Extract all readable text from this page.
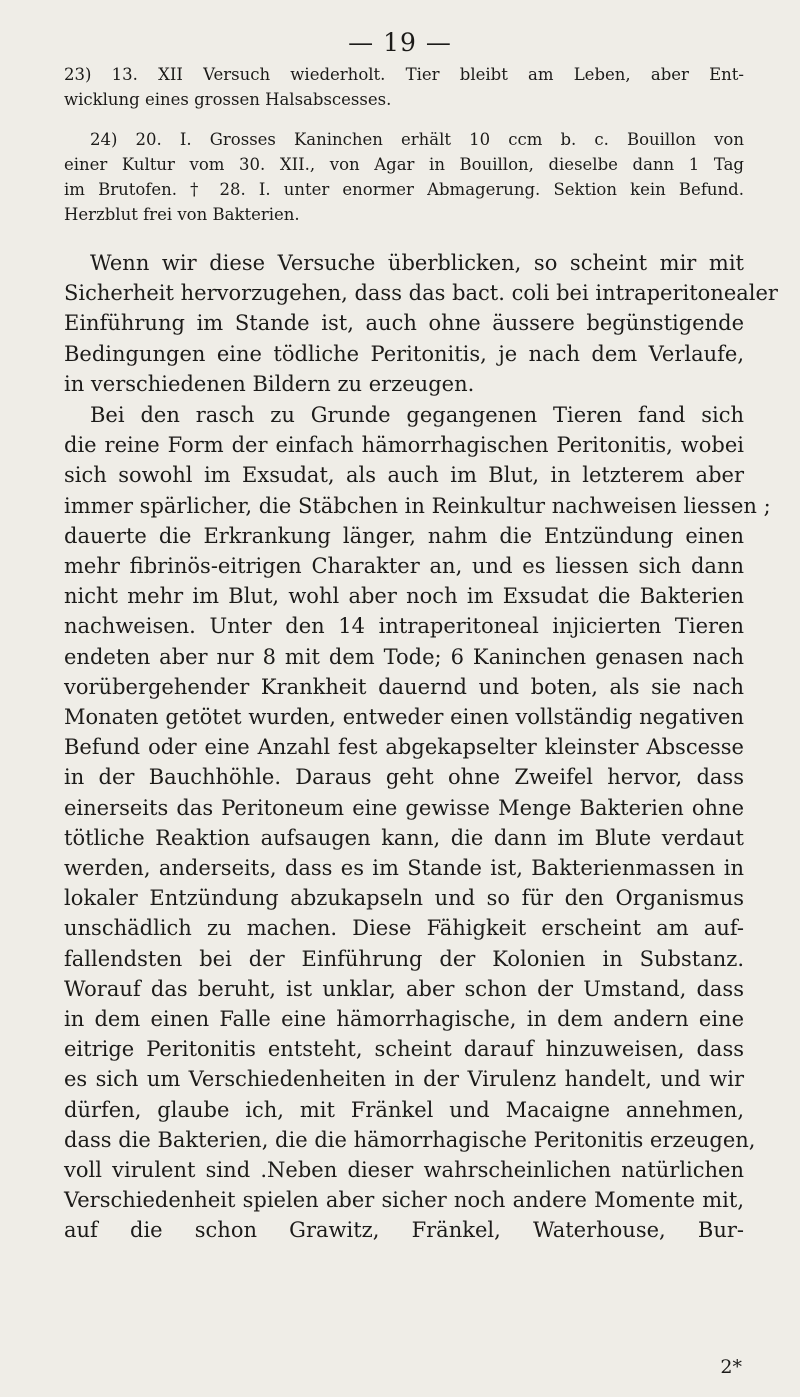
— 19 —
23) 13. XII Versuch wiederholt. Tier bleibt am Leben, aber Ent-
wicklung eines grossen Halsabscesses.
24) 20. I. Grosses Kaninchen erhält 10 ccm b. c. Bouillon von
einer Kultur vom 30. XII., von Agar in Bouillon, dieselbe dann 1 Tag
im Brutofen. † 28. I. unter enormer Abmagerung. Sektion kein Befund.
Herzblut frei von Bakterien.
Wenn wir diese Versuche überblicken, so scheint mir mit
Sicherheit hervorzugehen, dass das bact. coli bei intraperitonealer
Einführung im Stande ist, auch ohne äussere begünstigende
Bedingungen eine tödliche Peritonitis, je nach dem Verlaufe,
in verschiedenen Bildern zu erzeugen.
Bei den rasch zu Grunde gegangenen Tieren fand sich
die reine Form der einfach hämorrhagischen Peritonitis, wobei
sich sowohl im Exsudat, als auch im Blut, in letzterem aber
immer spärlicher, die Stäbchen in Reinkultur nachweisen liessen ;
dauerte die Erkrankung länger, nahm die Entzündung einen
mehr fibrinös-eitrigen Charakter an, und es liessen sich dann
nicht mehr im Blut, wohl aber noch im Exsudat die Bakterien
nachweisen. Unter den 14 intraperitoneal injicierten Tieren
endeten aber nur 8 mit dem Tode; 6 Kaninchen genasen nach
vorübergehender Krankheit dauernd und boten, als sie nach
Monaten getötet wurden, entweder einen vollständig negativen
Befund oder eine Anzahl fest abgekapselter kleinster Abscesse
in der Bauchhöhle. Daraus geht ohne Zweifel hervor, dass
einerseits das Peritoneum eine gewisse Menge Bakterien ohne
tötliche Reaktion aufsaugen kann, die dann im Blute verdaut
werden, anderseits, dass es im Stande ist, Bakterienmassen in
lokaler Entzündung abzukapseln und so für den Organismus
unschädlich zu machen. Diese Fähigkeit erscheint am auf-
fallendsten bei der Einführung der Kolonien in Substanz.
Worauf das beruht, ist unklar, aber schon der Umstand, dass
in dem einen Falle eine hämorrhagische, in dem andern eine
eitrige Peritonitis entsteht, scheint darauf hinzuweisen, dass
es sich um Verschiedenheiten in der Virulenz handelt, und wir
dürfen, glaube ich, mit Fränkel und Macaigne annehmen,
dass die Bakterien, die die hämorrhagische Peritonitis erzeugen,
voll virulent sind .Neben dieser wahrscheinlichen natürlichen
Verschiedenheit spielen aber sicher noch andere Momente mit,
auf die schon Grawitz, Fränkel, Waterhouse, Bur-
2*
